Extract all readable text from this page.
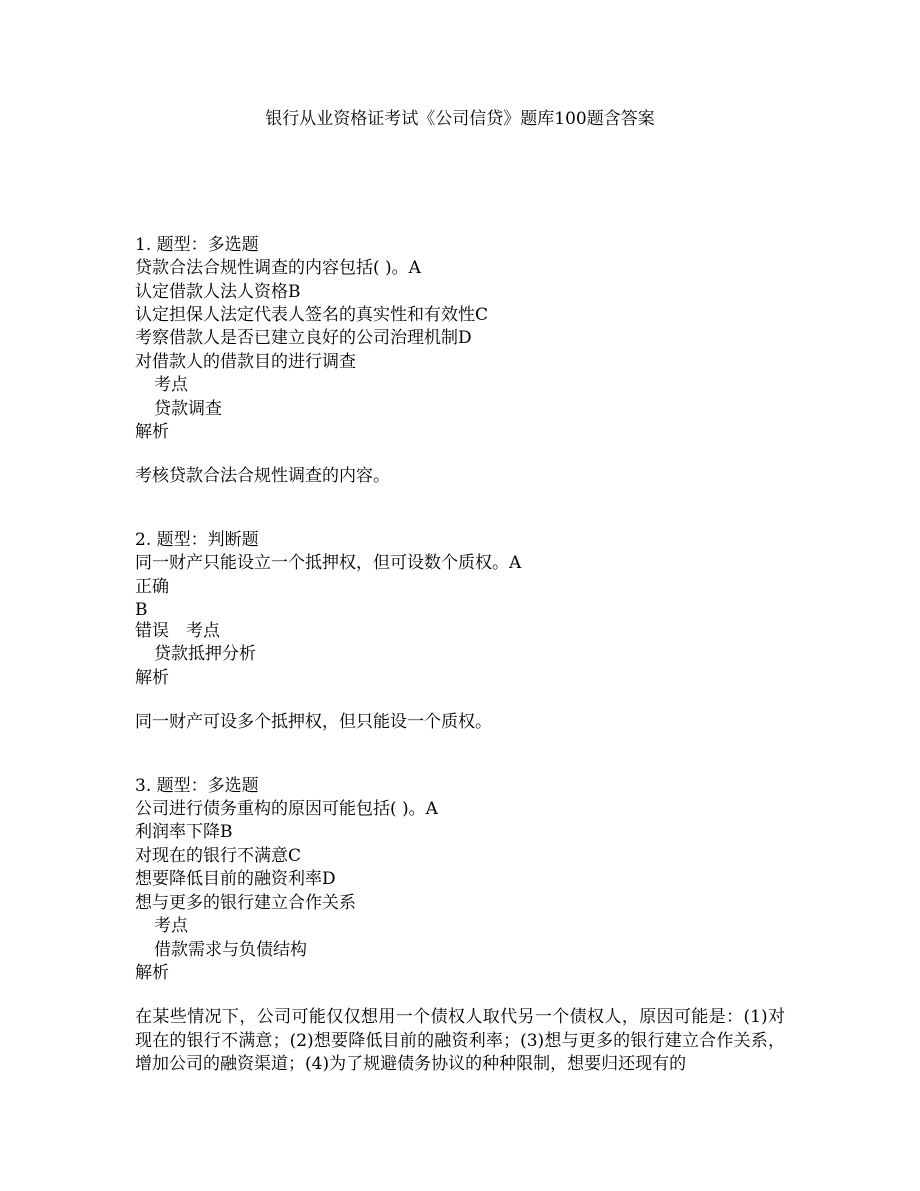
银行从业资格证考试《公司信贷》题库100题含答案
1. 题型：多选题
贷款合法合规性调查的内容包括( )。A
认定借款人法人资格B
认定担保人法定代表人签名的真实性和有效性C
考察借款人是否已建立良好的公司治理机制D
对借款人的借款目的进行调查
考点
贷款调查
解析
考核贷款合法合规性调查的内容。
2. 题型：判断题
同一财产只能设立一个抵押权，但可设数个质权。A
正确
B
错误　考点
贷款抵押分析
解析
同一财产可设多个抵押权，但只能设一个质权。
3. 题型：多选题
公司进行债务重构的原因可能包括( )。A
利润率下降B
对现在的银行不满意C
想要降低目前的融资利率D
想与更多的银行建立合作关系
考点
借款需求与负债结构
解析

在某些情况下，公司可能仅仅想用一个债权人取代另一个债权人，原因可能是：(1)对现在的银行不满意；(2)想要降低目前的融资利率；(3)想与更多的银行建立合作关系，增加公司的融资渠道；(4)为了规避债务协议的种种限制，想要归还现有的
